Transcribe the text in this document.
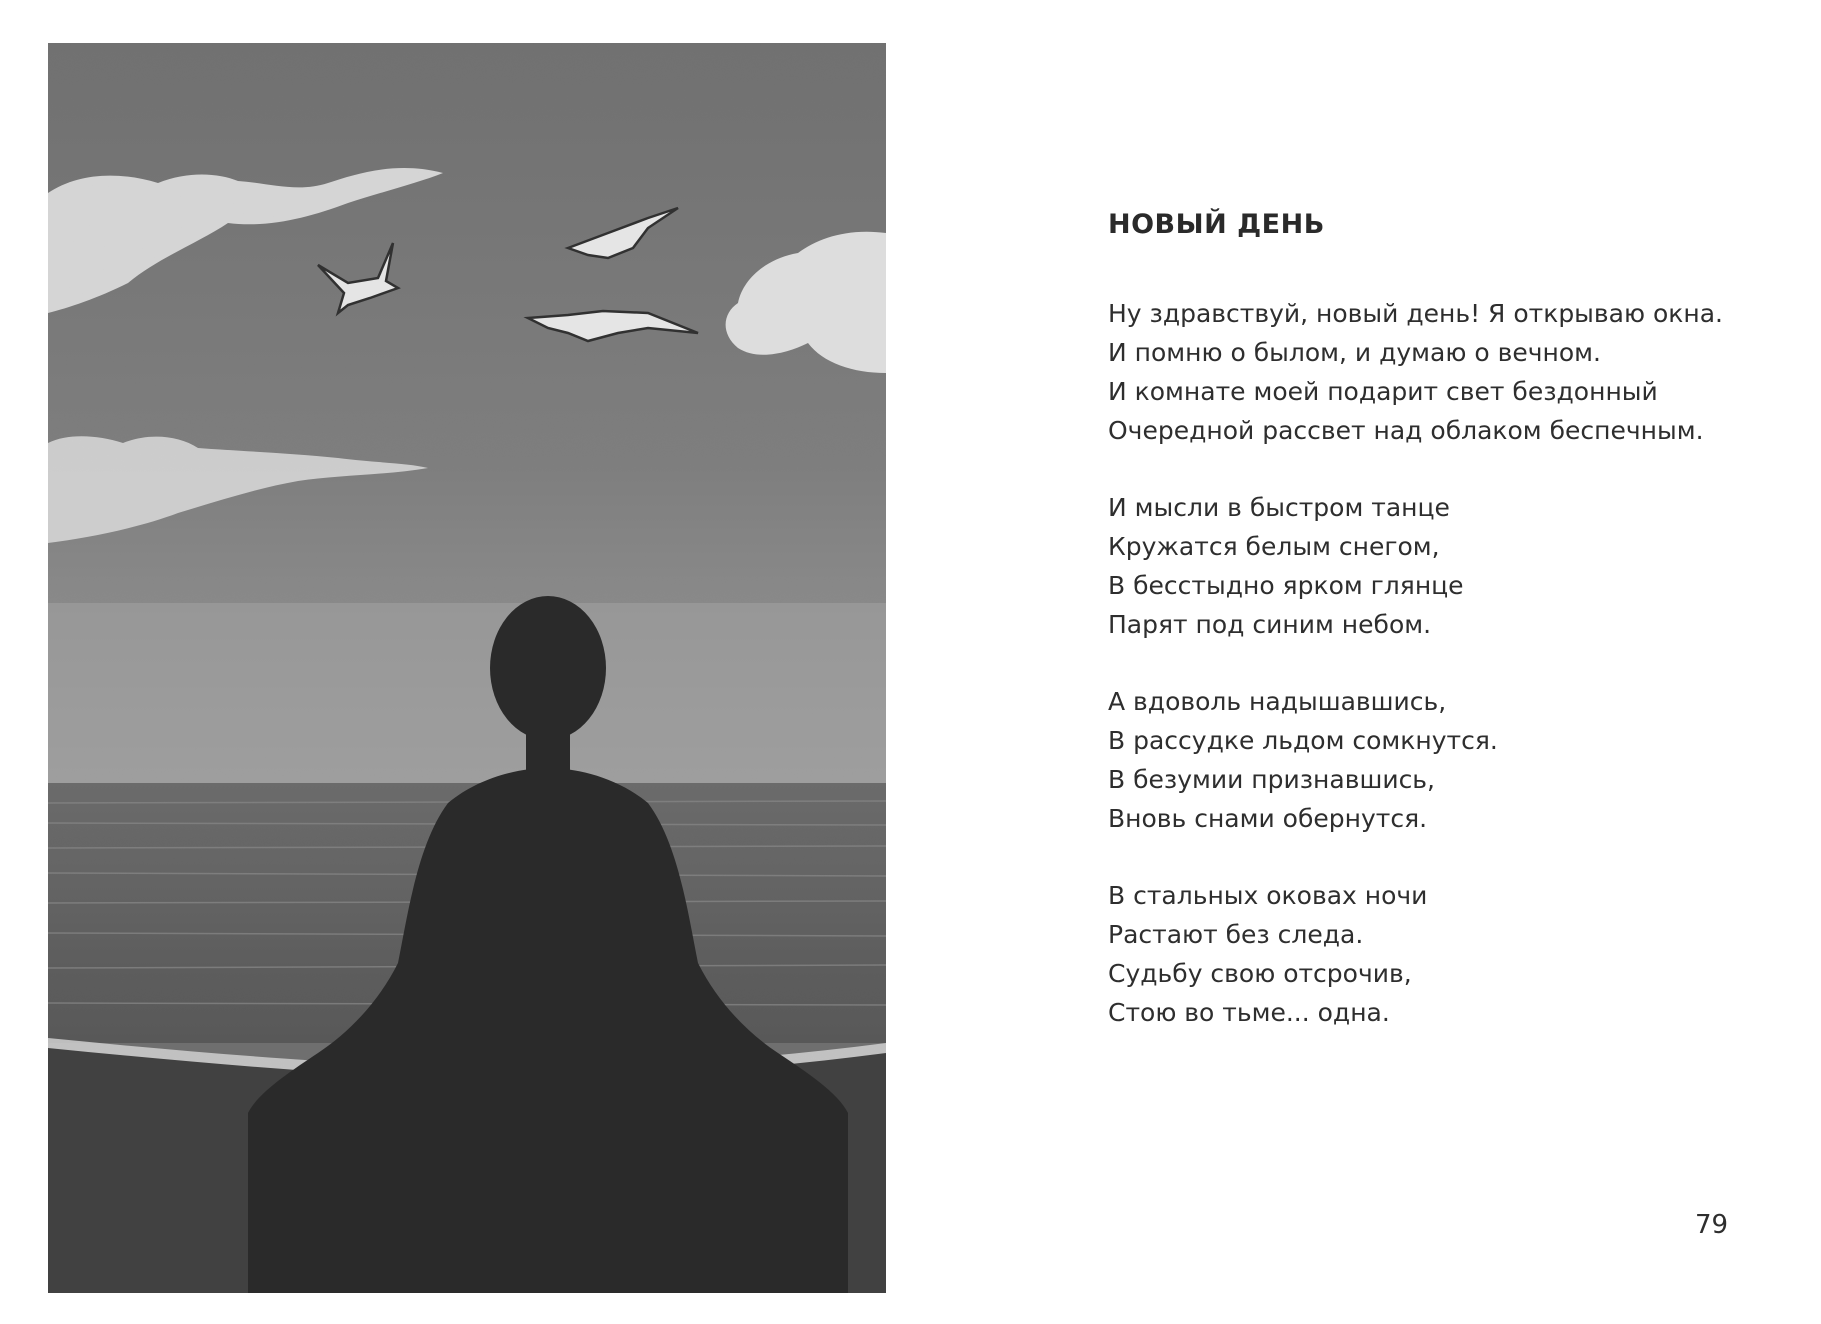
НОВЫЙ ДЕНЬ
Ну здравствуй, новый день! Я открываю окна.
И помню о былом, и думаю о вечном.
И комнате моей подарит свет бездонный
Очередной рассвет над облаком беспечным.
И мысли в быстром танце
Кружатся белым снегом,
В бесстыдно ярком глянце
Парят под синим небом.
А вдоволь надышавшись,
В рассудке льдом сомкнутся.
В безумии признавшись,
Вновь снами обернутся.
В стальных оковах ночи
Растают без следа.
Судьбу свою отсрочив,
Стою во тьме... одна.
79
